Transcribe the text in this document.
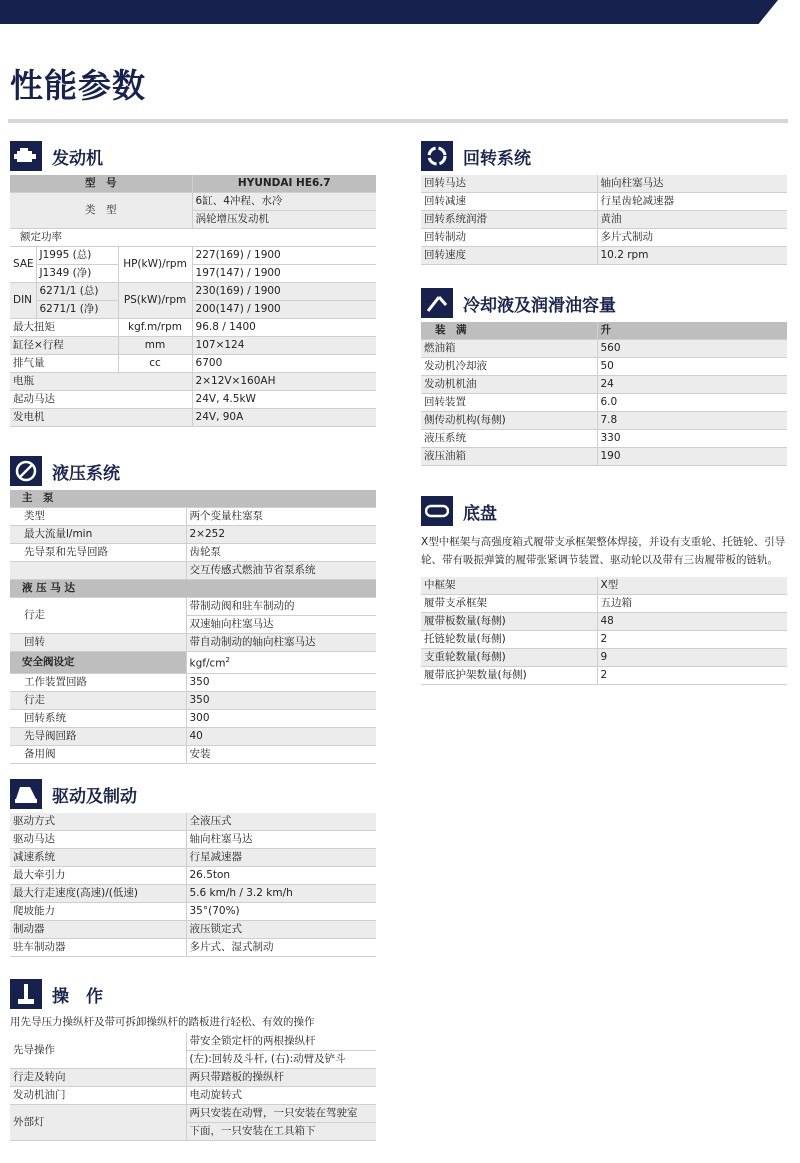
性能参数
发动机
型　号			HYUNDAI HE6.7
类　型			6缸、4冲程、水冷
			涡轮增压发动机
额定功率			
SAE	J1995 (总)	HP(kW)/rpm	227(169) / 1900
	J1349 (净)		197(147) / 1900
DIN	6271/1 (总)	PS(kW)/rpm	230(169) / 1900
	6271/1 (净)		200(147) / 1900
最大扭矩		kgf.m/rpm	96.8 / 1400
缸径×行程		mm	107×124
排气量		cc	6700
电瓶			2×12V×160AH
起动马达			24V, 4.5kW
发电机			24V, 90A
液压系统
主　泵	
类型	两个变量柱塞泵
最大流量l/min	2×252
先导泵和先导回路	齿轮泵
	交互传感式燃油节省泵系统
液 压 马 达	
行走	带制动阀和驻车制动的
	双速轴向柱塞马达
回转	带自动制动的轴向柱塞马达
安全阀设定	kgf/$cm^2$
工作装置回路	350
行走	350
回转系统	300
先导阀回路	40
备用阀	安装
驱动及制动
驱动方式	全液压式
驱动马达	轴向柱塞马达
减速系统	行星减速器
最大牵引力	26.5ton
最大行走速度(高速)/(低速)	5.6 km/h / 3.2 km/h
爬坡能力	35°(70%)
制动器	液压锁定式
驻车制动器	多片式、湿式制动
操　作
用先导压力操纵杆及带可拆卸操纵杆的踏板进行轻松、有效的操作
先导操作	带安全锁定杆的两根操纵杆
	(左):回转及斗杆, (右):动臂及铲斗
行走及转向	两只带踏板的操纵杆
发动机油门	电动旋转式
外部灯	两只安装在动臂，一只安装在驾驶室
	下面，一只安装在工具箱下
回转系统
回转马达	轴向柱塞马达
回转减速	行星齿轮减速器
回转系统润滑	黄油
回转制动	多片式制动
回转速度	10.2 rpm
冷却液及润滑油容量
装　满	升
燃油箱	560
发动机冷却液	50
发动机机油	24
回转装置	6.0
侧传动机构(每侧)	7.8
液压系统	330
液压油箱	190
底盘
X型中框架与高强度箱式履带支承框架整体焊接，并设有支重轮、托链轮、引导轮、带有吸振弹簧的履带张紧调节装置、驱动轮以及带有三齿履带板的链轨。
中框架	X型
履带支承框架	五边箱
履带板数量(每侧)	48
托链轮数量(每侧)	2
支重轮数量(每侧)	9
履带底护架数量(每侧)	2
